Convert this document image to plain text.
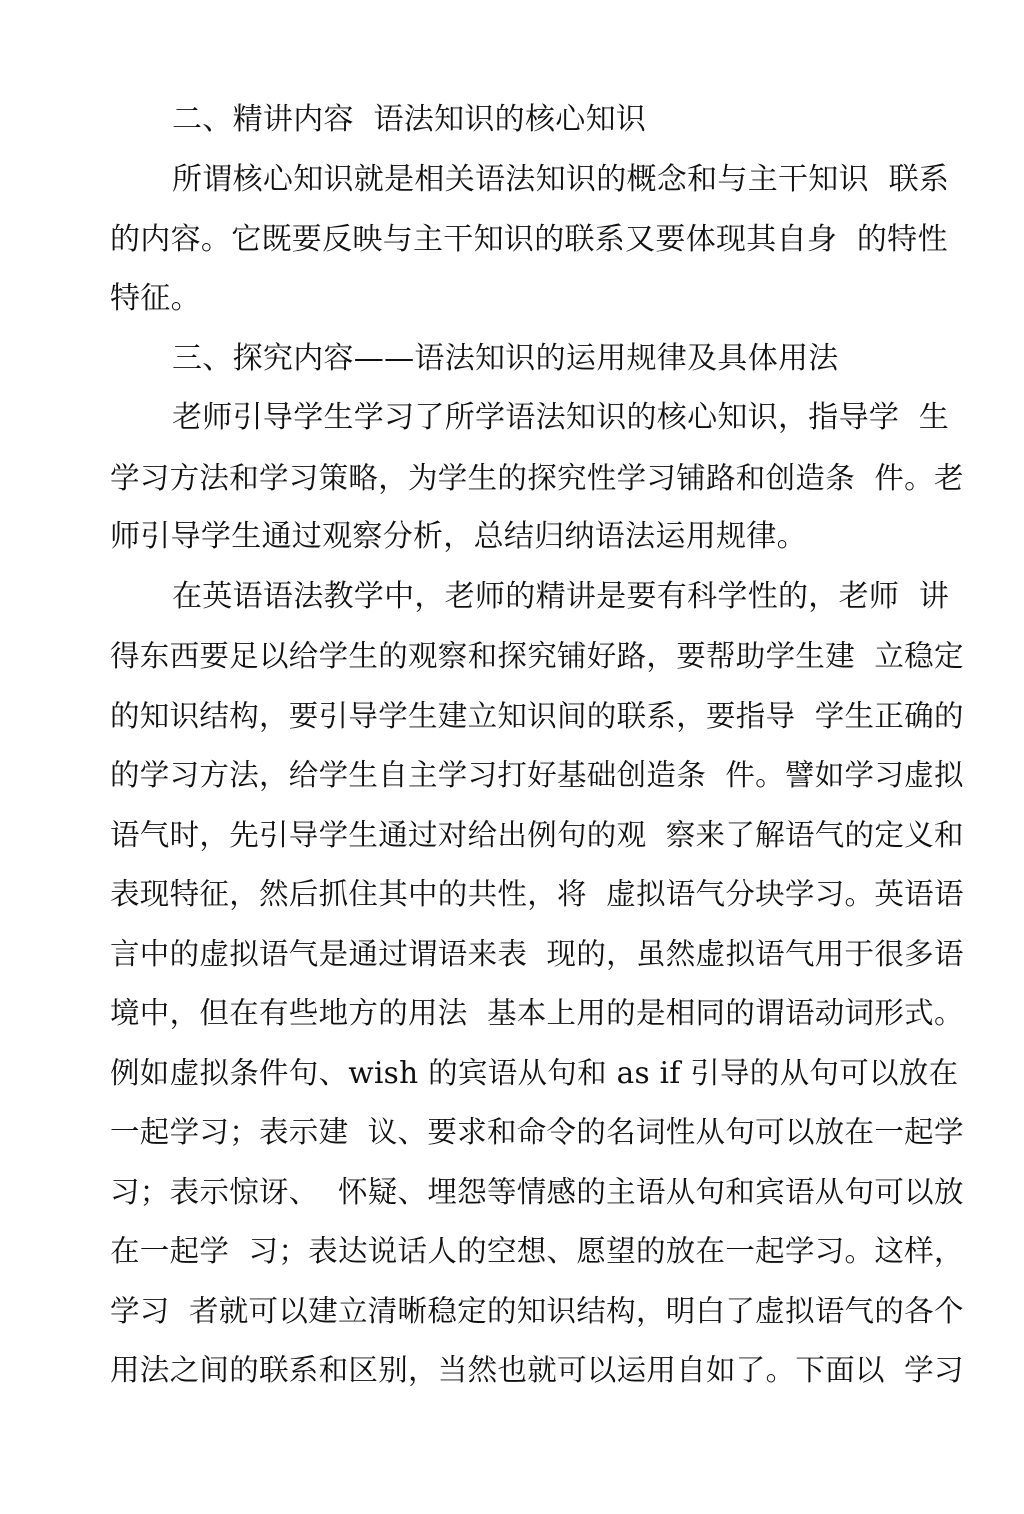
二、精讲内容  语法知识的核心知识
所谓核心知识就是相关语法知识的概念和与主干知识  联系
的内容。它既要反映与主干知识的联系又要体现其自身  的特性
特征。
三、探究内容——语法知识的运用规律及具体用法
老师引导学生学习了所学语法知识的核心知识，指导学  生
学习方法和学习策略，为学生的探究性学习铺路和创造条  件。老
师引导学生通过观察分析，总结归纳语法运用规律。
在英语语法教学中，老师的精讲是要有科学性的，老师  讲
得东西要足以给学生的观察和探究铺好路，要帮助学生建  立稳定
的知识结构，要引导学生建立知识间的联系，要指导  学生正确的
的学习方法，给学生自主学习打好基础创造条  件。譬如学习虚拟
语气时，先引导学生通过对给出例句的观  察来了解语气的定义和
表现特征，然后抓住其中的共性，将  虚拟语气分块学习。英语语
言中的虚拟语气是通过谓语来表  现的，虽然虚拟语气用于很多语
境中，但在有些地方的用法  基本上用的是相同的谓语动词形式。
例如虚拟条件句、wish 的宾语从句和 as if 引导的从句可以放在
一起学习；表示建  议、要求和命令的名词性从句可以放在一起学
习；表示惊讶、  怀疑、埋怨等情感的主语从句和宾语从句可以放
在一起学  习；表达说话人的空想、愿望的放在一起学习。这样，
学习  者就可以建立清晰稳定的知识结构，明白了虚拟语气的各个
用法之间的联系和区别，当然也就可以运用自如了。下面以  学习
